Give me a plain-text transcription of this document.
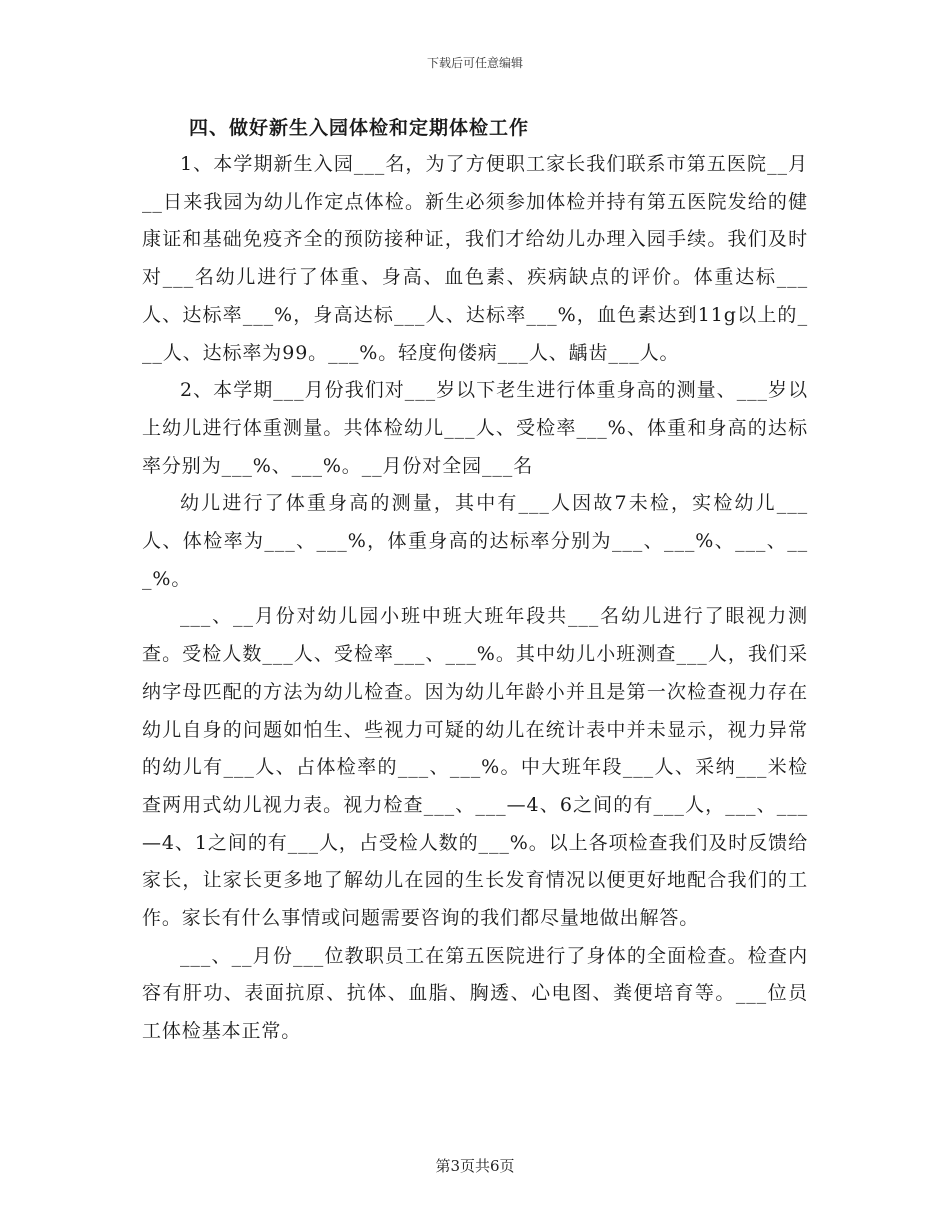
下载后可任意编辑
四、做好新生入园体检和定期体检工作

1、本学期新生入园___名，为了方便职工家长我们联系市第五医院__月__日来我园为幼儿作定点体检。新生必须参加体检并持有第五医院发给的健康证和基础免疫齐全的预防接种证，我们才给幼儿办理入园手续。我们及时对___名幼儿进行了体重、身高、血色素、疾病缺点的评价。体重达标___人、达标率___%，身高达标___人、达标率___%，血色素达到11g以上的___人、达标率为99。___%。轻度佝偻病___人、龋齿___人。

2、本学期___月份我们对___岁以下老生进行体重身高的测量、___岁以上幼儿进行体重测量。共体检幼儿___人、受检率___%、体重和身高的达标率分别为___%、___%。__月份对全园___名

幼儿进行了体重身高的测量，其中有___人因故7未检，实检幼儿___人、体检率为___、___%，体重身高的达标率分别为___、___%、___、___%。

___、__月份对幼儿园小班中班大班年段共___名幼儿进行了眼视力测查。受检人数___人、受检率___、___%。其中幼儿小班测查___人，我们采纳字母匹配的方法为幼儿检查。因为幼儿年龄小并且是第一次检查视力存在幼儿自身的问题如怕生、些视力可疑的幼儿在统计表中并未显示，视力异常的幼儿有___人、占体检率的___、___%。中大班年段___人、采纳___米检查两用式幼儿视力表。视力检查___、___—4、6之间的有___人，___、___—4、1之间的有___人，占受检人数的___%。以上各项检查我们及时反馈给家长，让家长更多地了解幼儿在园的生长发育情况以便更好地配合我们的工作。家长有什么事情或问题需要咨询的我们都尽量地做出解答。

___、__月份___位教职员工在第五医院进行了身体的全面检查。检查内容有肝功、表面抗原、抗体、血脂、胸透、心电图、粪便培育等。___位员工体检基本正常。

第3页共6页
